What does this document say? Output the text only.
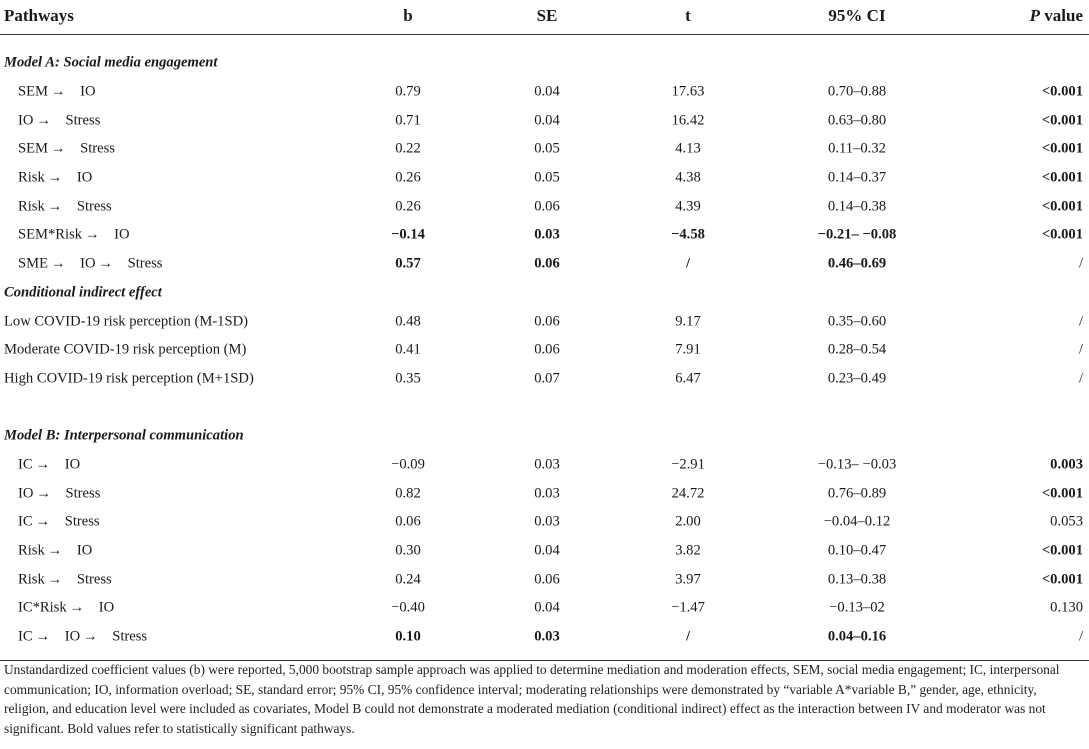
Pathways	b	SE	t	95% CI	P value
Model A: Social media engagement
SEM → IO	0.79	0.04	17.63	0.70–0.88	<0.001
IO → Stress	0.71	0.04	16.42	0.63–0.80	<0.001
SEM → Stress	0.22	0.05	4.13	0.11–0.32	<0.001
Risk → IO	0.26	0.05	4.38	0.14–0.37	<0.001
Risk → Stress	0.26	0.06	4.39	0.14–0.38	<0.001
SEM*Risk → IO	−0.14	0.03	−4.58	−0.21– −0.08	<0.001
SME → IO → Stress	0.57	0.06	/	0.46–0.69	/
Conditional indirect effect
Low COVID-19 risk perception (M-1SD)	0.48	0.06	9.17	0.35–0.60	/
Moderate COVID-19 risk perception (M)	0.41	0.06	7.91	0.28–0.54	/
High COVID-19 risk perception (M+1SD)	0.35	0.07	6.47	0.23–0.49	/
Model B: Interpersonal communication
IC → IO	−0.09	0.03	−2.91	−0.13– −0.03	0.003
IO → Stress	0.82	0.03	24.72	0.76–0.89	<0.001
IC → Stress	0.06	0.03	2.00	−0.04–0.12	0.053
Risk → IO	0.30	0.04	3.82	0.10–0.47	<0.001
Risk → Stress	0.24	0.06	3.97	0.13–0.38	<0.001
IC*Risk → IO	−0.40	0.04	−1.47	−0.13–02	0.130
IC → IO → Stress	0.10	0.03	/	0.04–0.16	/
Unstandardized coefficient values (b) were reported, 5,000 bootstrap sample approach was applied to determine mediation and moderation effects, SEM, social media engagement; IC, interpersonal communication; IO, information overload; SE, standard error; 95% CI, 95% confidence interval; moderating relationships were demonstrated by “variable A*variable B,” gender, age, ethnicity, religion, and education level were included as covariates, Model B could not demonstrate a moderated mediation (conditional indirect) effect as the interaction between IV and moderator was not significant. Bold values refer to statistically significant pathways.
